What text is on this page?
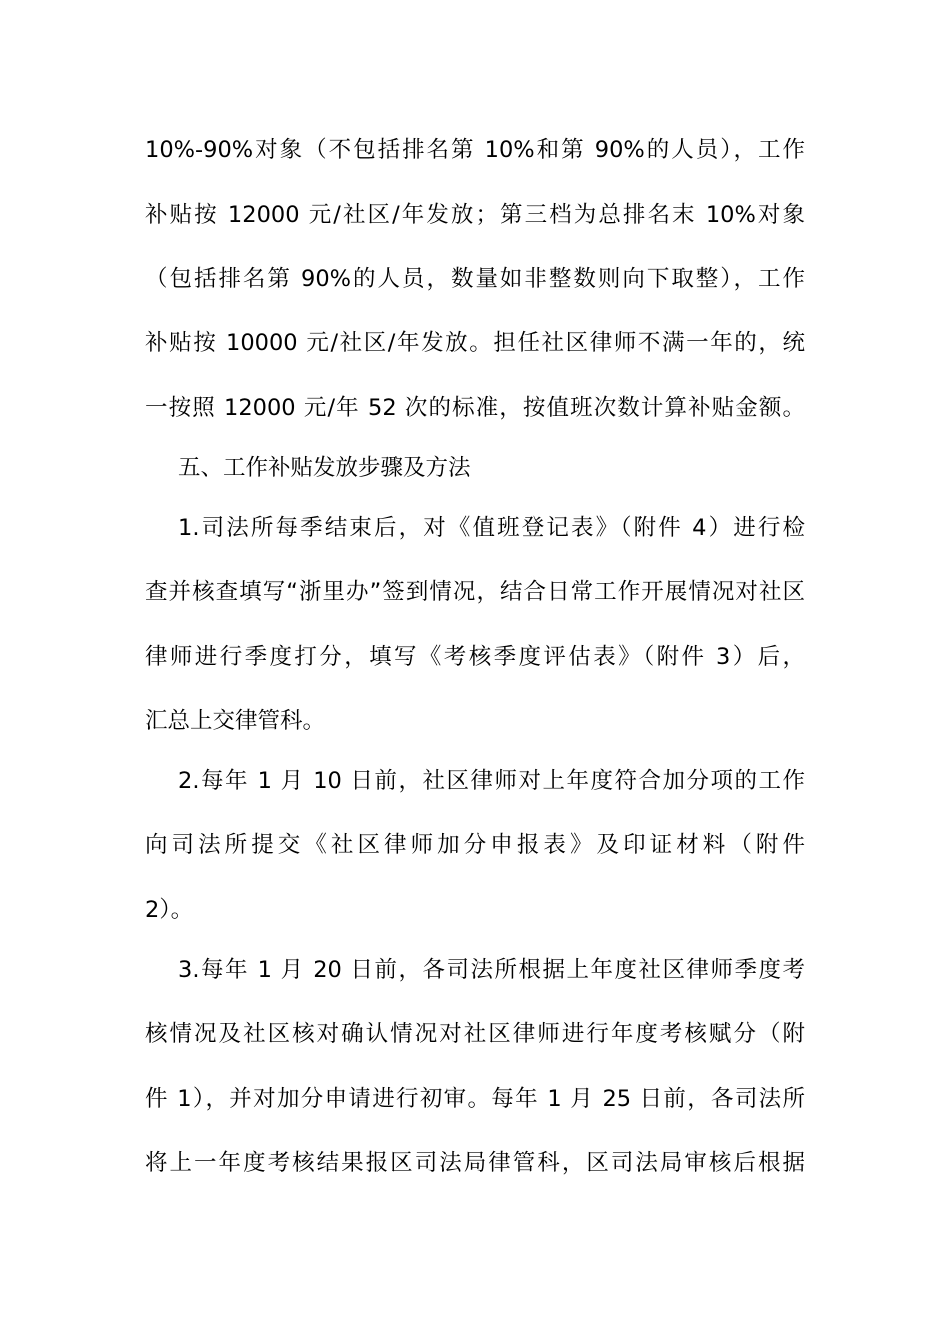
10%-90%对象（不包括排名第 10%和第 90%的人员），工作
补贴按 12000 元/社区/年发放；第三档为总排名末 10%对象
（包括排名第 90%的人员，数量如非整数则向下取整），工作
补贴按 10000 元/社区/年发放。担任社区律师不满一年的，统
一按照 12000 元/年 52 次的标准，按值班次数计算补贴金额。
五、工作补贴发放步骤及方法
1.司法所每季结束后，对《值班登记表》（附件 4）进行检
查并核查填写“浙里办”签到情况，结合日常工作开展情况对社区
律师进行季度打分，填写《考核季度评估表》（附件 3）后，
汇总上交律管科。
2.每年 1 月 10 日前，社区律师对上年度符合加分项的工作
向司法所提交《社区律师加分申报表》及印证材料（附件
2）。
3.每年 1 月 20 日前，各司法所根据上年度社区律师季度考
核情况及社区核对确认情况对社区律师进行年度考核赋分（附
件 1），并对加分申请进行初审。每年 1 月 25 日前，各司法所
将上一年度考核结果报区司法局律管科，区司法局审核后根据
